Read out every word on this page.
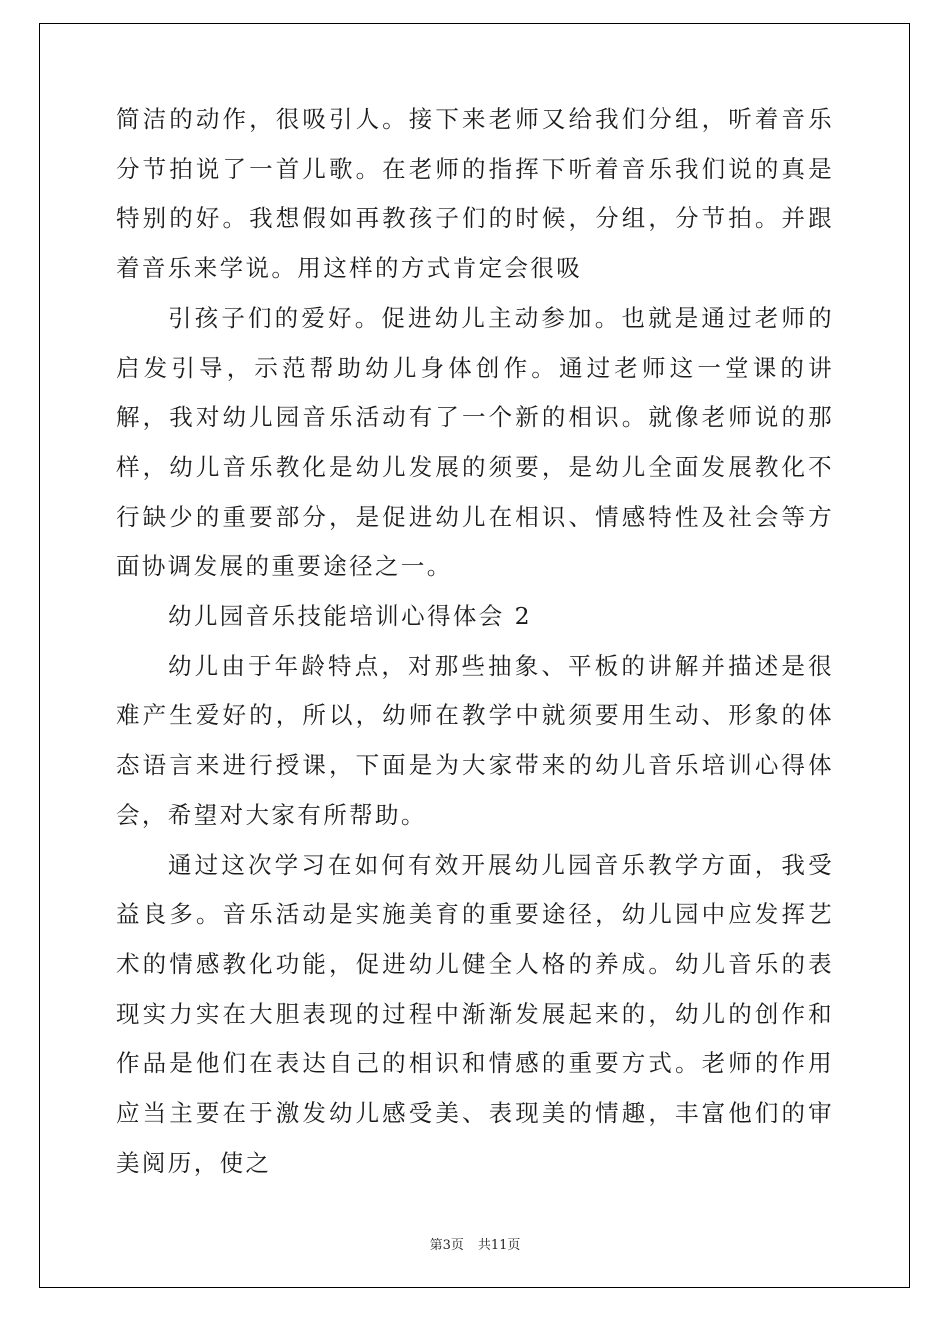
简洁的动作，很吸引人。接下来老师又给我们分组，听着音乐分节拍说了一首儿歌。在老师的指挥下听着音乐我们说的真是特别的好。我想假如再教孩子们的时候，分组，分节拍。并跟着音乐来学说。用这样的方式肯定会很吸

引孩子们的爱好。促进幼儿主动参加。也就是通过老师的启发引导，示范帮助幼儿身体创作。通过老师这一堂课的讲解，我对幼儿园音乐活动有了一个新的相识。就像老师说的那样，幼儿音乐教化是幼儿发展的须要，是幼儿全面发展教化不行缺少的重要部分，是促进幼儿在相识、情感特性及社会等方面协调发展的重要途径之一。

幼儿园音乐技能培训心得体会 2

幼儿由于年龄特点，对那些抽象、平板的讲解并描述是很难产生爱好的，所以，幼师在教学中就须要用生动、形象的体态语言来进行授课，下面是为大家带来的幼儿音乐培训心得体会，希望对大家有所帮助。

通过这次学习在如何有效开展幼儿园音乐教学方面，我受益良多。音乐活动是实施美育的重要途径，幼儿园中应发挥艺术的情感教化功能，促进幼儿健全人格的养成。幼儿音乐的表现实力实在大胆表现的过程中渐渐发展起来的，幼儿的创作和作品是他们在表达自己的相识和情感的重要方式。老师的作用应当主要在于激发幼儿感受美、表现美的情趣，丰富他们的审美阅历，使之

第3页 共11页
